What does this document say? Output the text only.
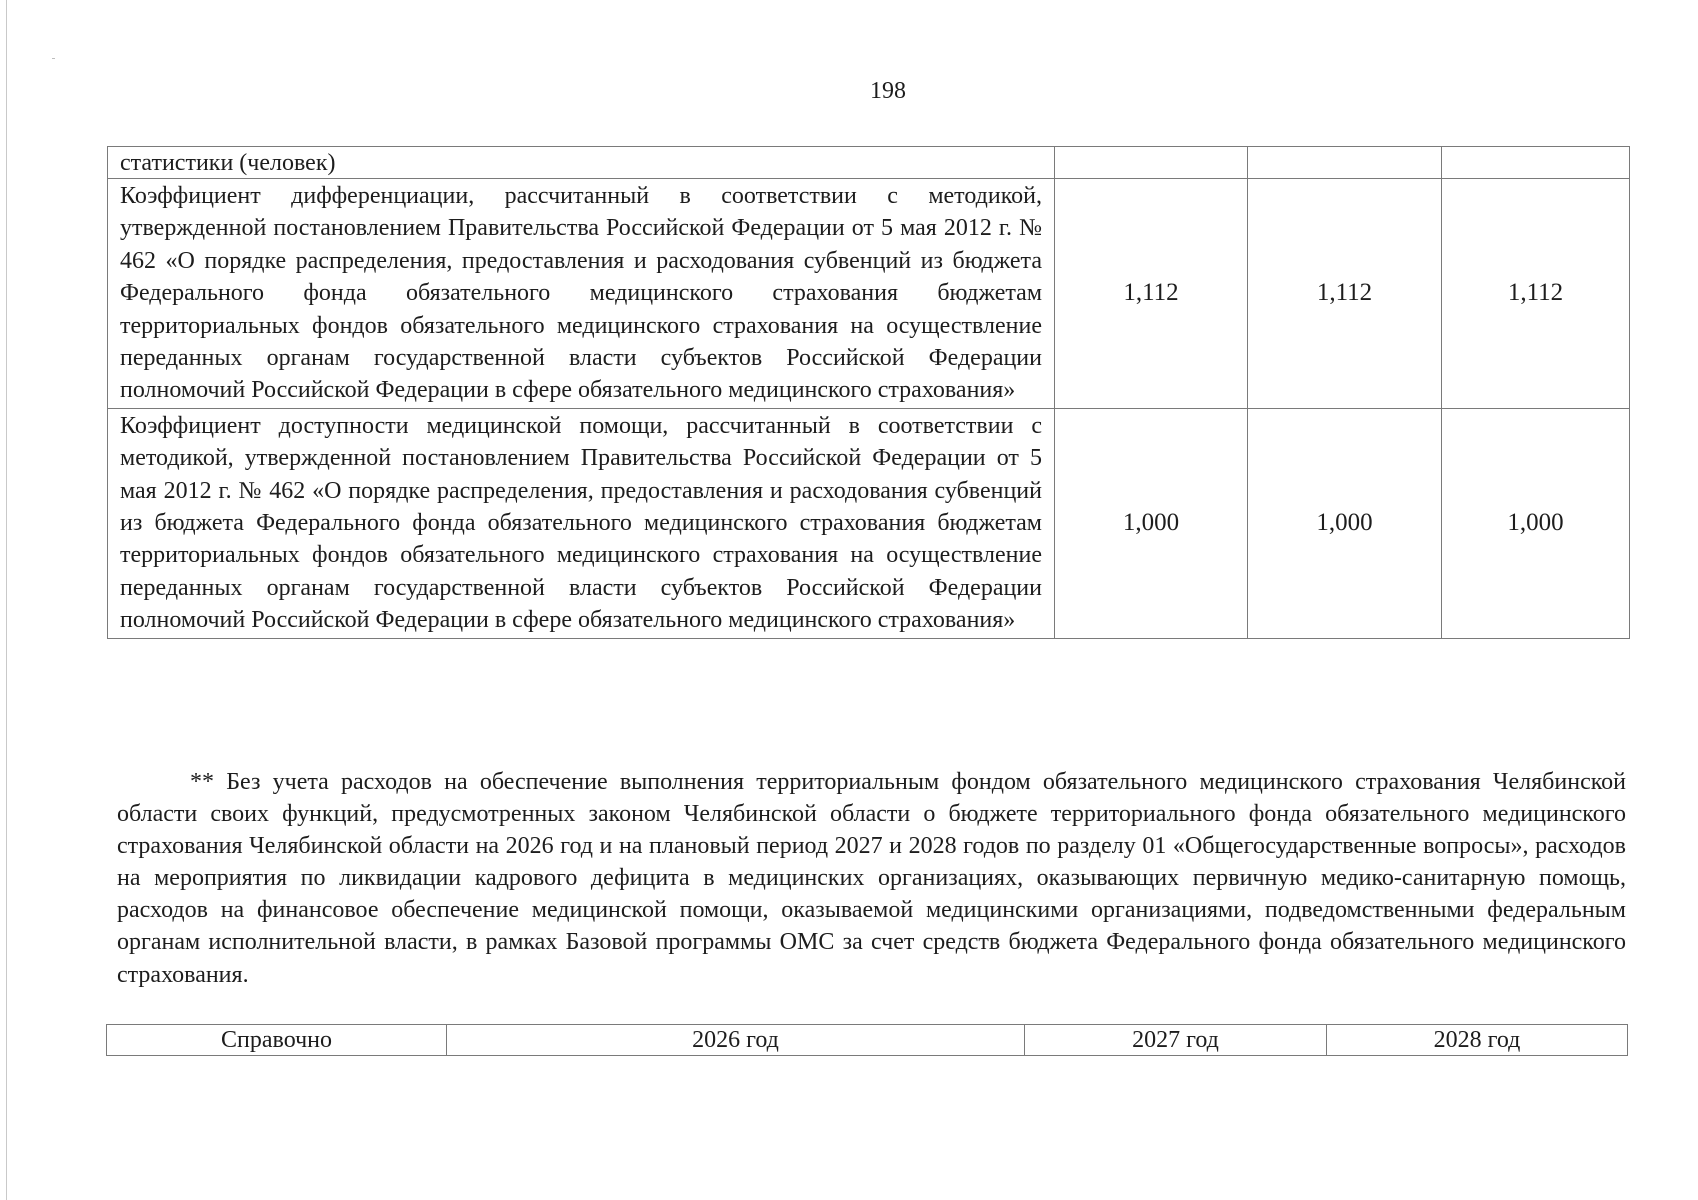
198
статистики (человек)			
Коэффициент дифференциации, рассчитанный в соответствии с методикой, утвержденной постановлением Правительства Российской Федерации от 5 мая 2012 г. № 462 «О порядке распределения, предоставления и расходования субвенций из бюджета Федерального фонда обязательного медицинского страхования бюджетам территориальных фондов обязательного медицинского страхования на осуществление переданных органам государственной власти субъектов Российской Федерации полномочий Российской Федерации в сфере обязательного медицинского страхования»	1,112	1,112	1,112
Коэффициент доступности медицинской помощи, рассчитанный в соответствии с методикой, утвержденной постановлением Правительства Российской Федерации от 5 мая 2012 г. № 462 «О порядке распределения, предоставления и расходования субвенций из бюджета Федерального фонда обязательного медицинского страхования бюджетам территориальных фондов обязательного медицинского страхования на осуществление переданных органам государственной власти субъектов Российской Федерации полномочий Российской Федерации в сфере обязательного медицинского страхования»	1,000	1,000	1,000

** Без учета расходов на обеспечение выполнения территориальным фондом обязательного медицинского страхования Челябинской области своих функций, предусмотренных законом Челябинской области о бюджете территориального фонда обязательного медицинского страхования Челябинской области на 2026 год и на плановый период 2027 и 2028 годов по разделу 01 «Общегосударственные вопросы», расходов на мероприятия по ликвидации кадрового дефицита в медицинских организациях, оказывающих первичную медико-санитарную помощь, расходов на финансовое обеспечение медицинской помощи, оказываемой медицинскими организациями, подведомственными федеральным органам исполнительной власти, в рамках Базовой программы ОМС за счет средств бюджета Федерального фонда обязательного медицинского страхования.

Справочно	2026 год	2027 год	2028 год
